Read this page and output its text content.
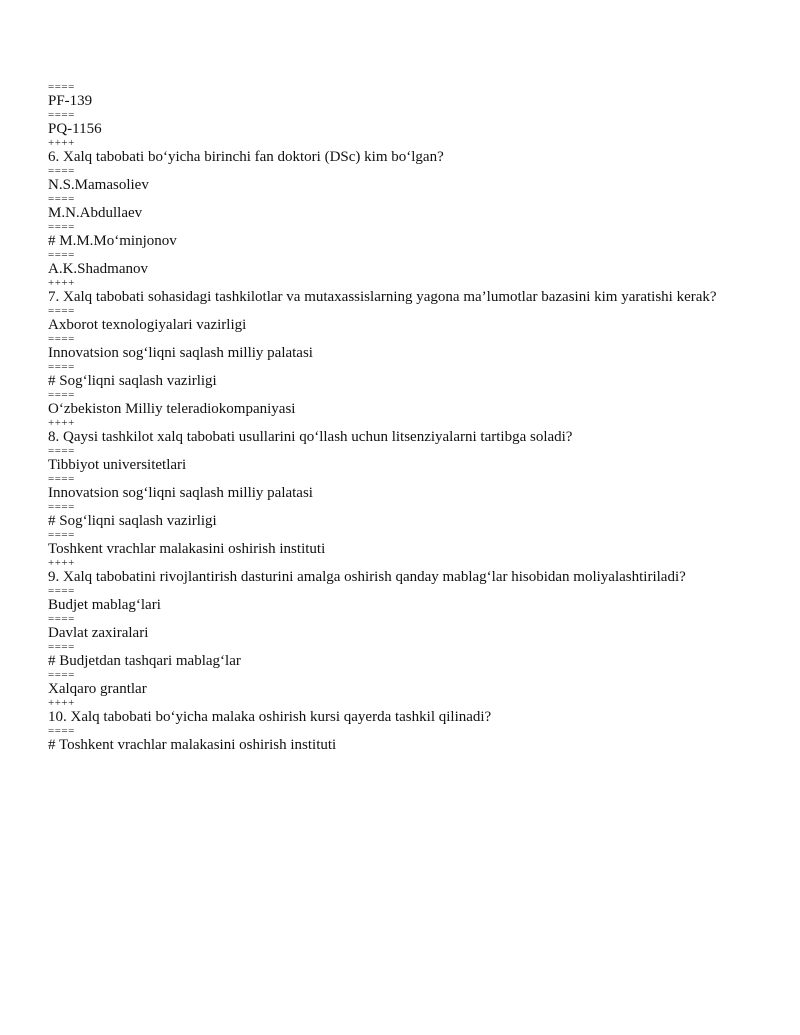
====
PF-139
====
PQ-1156
++++
6. Xalq tabobati bo‘yicha birinchi fan doktori (DSc) kim bo‘lgan?
====
N.S.Mamasoliev
====
M.N.Abdullaev
====
# M.M.Mo‘minjonov
====
A.K.Shadmanov
++++
7. Xalq tabobati sohasidagi tashkilotlar va mutaxassislarning yagona ma’lumotlar bazasini kim yaratishi kerak?
====
Axborot texnologiyalari vazirligi
====
Innovatsion sog‘liqni saqlash milliy palatasi
====
# Sog‘liqni saqlash vazirligi
====
O‘zbekiston Milliy teleradiokompaniyasi
++++
8. Qaysi tashkilot xalq tabobati usullarini qo‘llash uchun litsenziyalarni tartibga soladi?
====
Tibbiyot universitetlari
====
Innovatsion sog‘liqni saqlash milliy palatasi
====
# Sog‘liqni saqlash vazirligi
====
Toshkent vrachlar malakasini oshirish instituti
++++
9. Xalq tabobatini rivojlantirish dasturini amalga oshirish qanday mablag‘lar hisobidan moliyalashtiriladi?
====
Budjet mablag‘lari
====
Davlat zaxiralari
====
# Budjetdan tashqari mablag‘lar
====
Xalqaro grantlar
++++
10. Xalq tabobati bo‘yicha malaka oshirish kursi qayerda tashkil qilinadi?
====
# Toshkent vrachlar malakasini oshirish instituti
